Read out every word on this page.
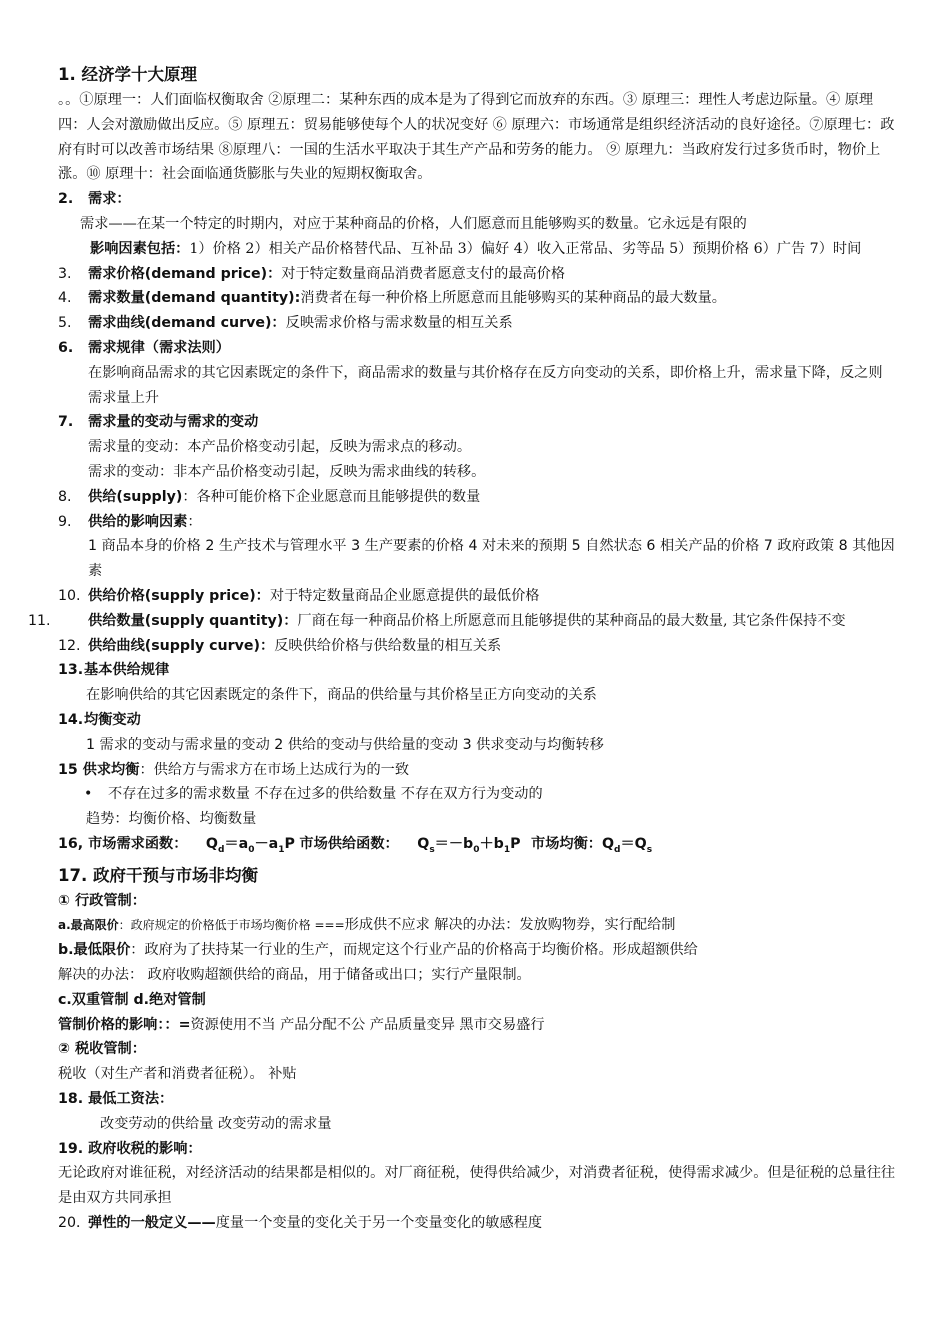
1. 经济学十大原理
。。①原理一：人们面临权衡取舍 ②原理二：某种东西的成本是为了得到它而放弃的东西。③ 原理三：理性人考虑边际量。④ 原理四：人会对激励做出反应。⑤ 原理五：贸易能够使每个人的状况变好 ⑥ 原理六：市场通常是组织经济活动的良好途径。⑦原理七：政府有时可以改善市场结果 ⑧原理八：一国的生活水平取决于其生产产品和劳务的能力。 ⑨ 原理九：当政府发行过多货币时，物价上涨。⑩ 原理十：社会面临通货膨胀与失业的短期权衡取舍。
2. 需求：
需求——在某一个特定的时期内，对应于某种商品的价格，人们愿意而且能够购买的数量。它永远是有限的
影响因素包括：1）价格 2）相关产品价格替代品、互补品 3）偏好 4）收入正常品、劣等品 5）预期价格 6）广告 7）时间
3. 需求价格(demand price)：对于特定数量商品消费者愿意支付的最高价格
4. 需求数量(demand quantity):消费者在每一种价格上所愿意而且能够购买的某种商品的最大数量。
5. 需求曲线(demand curve)：反映需求价格与需求数量的相互关系
6. 需求规律（需求法则）
在影响商品需求的其它因素既定的条件下，商品需求的数量与其价格存在反方向变动的关系，即价格上升，需求量下降，反之则需求量上升
7. 需求量的变动与需求的变动
需求量的变动：本产品价格变动引起，反映为需求点的移动。
需求的变动：非本产品价格变动引起，反映为需求曲线的转移。
8. 供给(supply)：各种可能价格下企业愿意而且能够提供的数量
9. 供给的影响因素：
1 商品本身的价格 2 生产技术与管理水平 3 生产要素的价格 4 对未来的预期 5 自然状态 6 相关产品的价格 7 政府政策 8 其他因素
10. 供给价格(supply price)：对于特定数量商品企业愿意提供的最低价格
11.	供给数量(supply quantity)：厂商在每一种商品价格上所愿意而且能够提供的某种商品的最大数量, 其它条件保持不变
12. 供给曲线(supply curve)：反映供给价格与供给数量的相互关系
13.基本供给规律
在影响供给的其它因素既定的条件下，商品的供给量与其价格呈正方向变动的关系
14.均衡变动
1 需求的变动与需求量的变动 2 供给的变动与供给量的变动 3 供求变动与均衡转移
15 供求均衡：供给方与需求方在市场上达成行为的一致
• 不存在过多的需求数量 不存在过多的供给数量 不存在双方行为变动的
趋势：均衡价格、均衡数量
16, 市场需求函数： $Q_d=a_0-a_1P$ 市场供给函数： $Q_s=-b_0+b_1P$ 市场均衡：$Q_d=Q_s$
17. 政府干预与市场非均衡
① 行政管制：
a.最高限价：政府规定的价格低于市场均衡价格 ===形成供不应求 解决的办法：发放购物券，实行配给制
b.最低限价：政府为了扶持某一行业的生产，而规定这个行业产品的价格高于均衡价格。形成超额供给
解决的办法： 政府收购超额供给的商品，用于储备或出口；实行产量限制。
c.双重管制 d.绝对管制
管制价格的影响：：=资源使用不当 产品分配不公 产品质量变异 黑市交易盛行
② 税收管制：
税收（对生产者和消费者征税）。 补贴
18. 最低工资法：
改变劳动的供给量 改变劳动的需求量
19. 政府收税的影响：
无论政府对谁征税，对经济活动的结果都是相似的。对厂商征税，使得供给减少，对消费者征税，使得需求减少。但是征税的总量往往是由双方共同承担
20．弹性的一般定义——度量一个变量的变化关于另一个变量变化的敏感程度
